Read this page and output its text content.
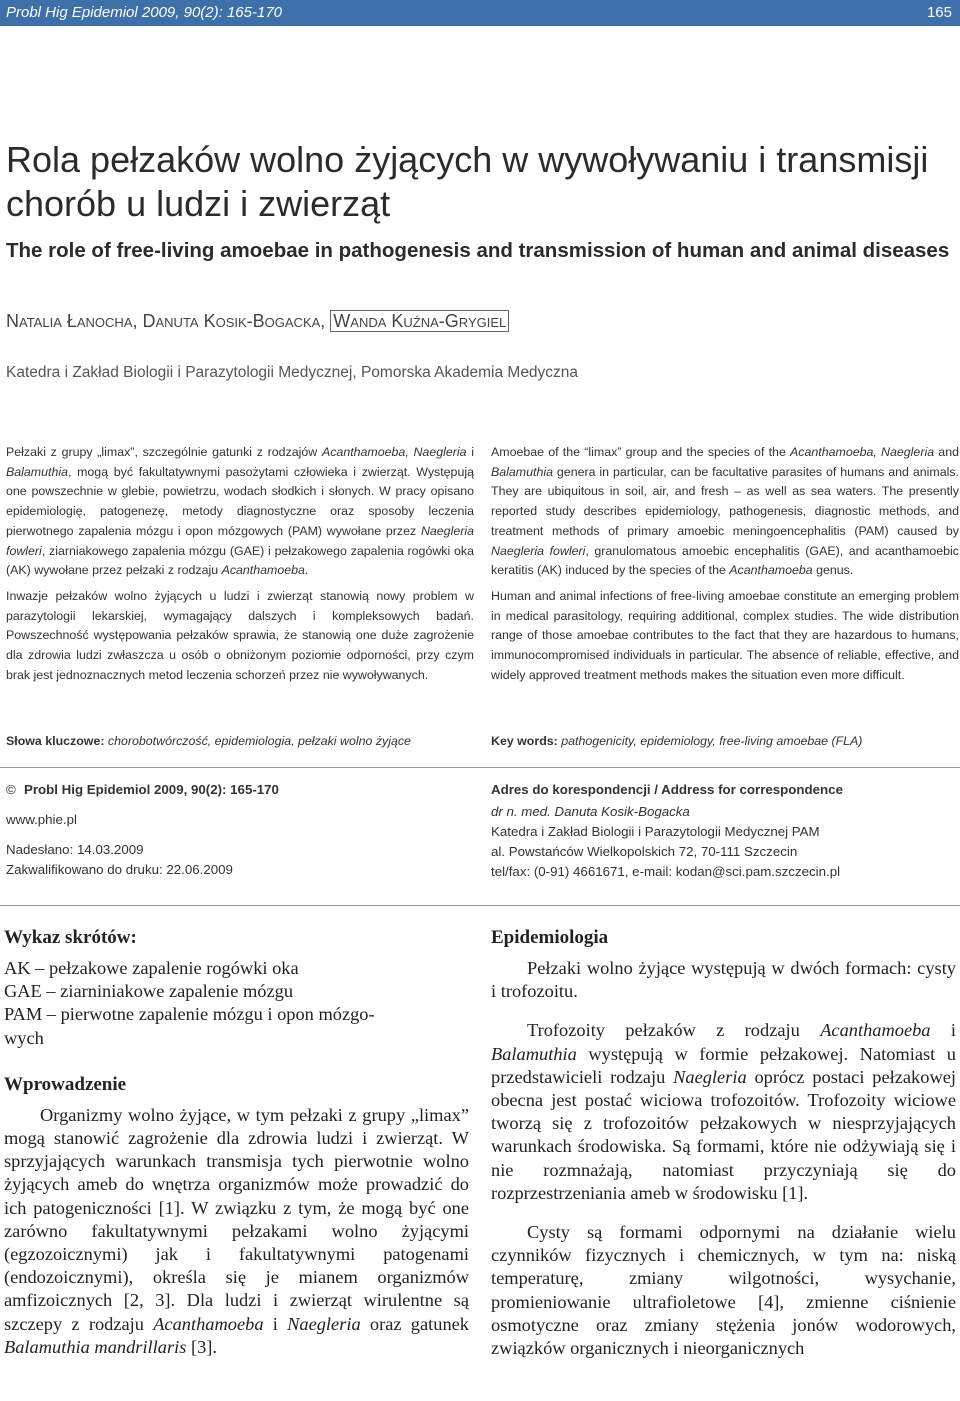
Probl Hig Epidemiol 2009, 90(2): 165-170	165
Rola pełzaków wolno żyjących w wywoływaniu i transmisji
chorób u ludzi i zwierząt
The role of free-living amoebae in pathogenesis and transmission of human and animal diseases
Natalia Łanocha, Danuta Kosik-Bogacka, Wanda Kuźna-Grygiel
Katedra i Zakład Biologii i Parazytologii Medycznej, Pomorska Akademia Medyczna

Pełzaki z grupy „limax”, szczególnie gatunki z rodzajów Acanthamoeba, Naegleria i Balamuthia, mogą być fakultatywnymi pasożytami człowieka i zwierząt. Występują one powszechnie w glebie, powietrzu, wodach słodkich i słonych. W pracy opisano epidemiologię, patogenezę, metody diagnostyczne oraz sposoby leczenia pierwotnego zapalenia mózgu i opon mózgowych (PAM) wywołane przez Naegleria fowleri, ziarniakowego zapalenia mózgu (GAE) i pełzakowego zapalenia rogówki oka (AK) wywołane przez pełzaki z rodzaju Acanthamoeba.

Inwazje pełzaków wolno żyjących u ludzi i zwierząt stanowią nowy problem w parazytologii lekarskiej, wymagający dalszych i kompleksowych badań. Powszechność występowania pełzaków sprawia, że stanowią one duże zagrożenie dla zdrowia ludzi zwłaszcza u osób o obniżonym poziomie odporności, przy czym brak jest jednoznacznych metod leczenia schorzeń przez nie wywoływanych.

Amoebae of the “limax” group and the species of the Acanthamoeba, Naegleria and Balamuthia genera in particular, can be facultative parasites of humans and animals. They are ubiquitous in soil, air, and fresh – as well as sea waters. The presently reported study describes epidemiology, pathogenesis, diagnostic methods, and treatment methods of primary amoebic meningoencephalitis (PAM) caused by Naegleria fowleri, granulomatous amoebic encephalitis (GAE), and acanthamoebic keratitis (AK) induced by the species of the Acanthamoeba genus.

Human and animal infections of free-living amoebae constitute an emerging problem in medical parasitology, requiring additional, complex studies. The wide distribution range of those amoebae contributes to the fact that they are hazardous to humans, immunocompromised individuals in particular. The absence of reliable, effective, and widely approved treatment methods makes the situation even more difficult.

Słowa kluczowe: chorobotwórczość, epidemiologia, pełzaki wolno żyjące	Key words: pathogenicity, epidemiology, free-living amoebae (FLA)
© Probl Hig Epidemiol 2009, 90(2): 165-170
www.phie.pl
Nadesłano: 14.03.2009
Zakwalifikowano do druku: 22.06.2009
Adres do korespondencji / Address for correspondence
dr n. med. Danuta Kosik-Bogacka
Katedra i Zakład Biologii i Parazytologii Medycznej PAM
al. Powstańców Wielkopolskich 72, 70-111 Szczecin
tel/fax: (0-91) 4661671, e-mail: kodan@sci.pam.szczecin.pl
Wykaz skrótów:
AK – pełzakowe zapalenie rogówki oka
GAE – ziarniniakowe zapalenie mózgu
PAM – pierwotne zapalenie mózgu i opon mózgo-
wych
Wprowadzenie

Organizmy wolno żyjące, w tym pełzaki z grupy „limax” mogą stanowić zagrożenie dla zdrowia ludzi i zwierząt. W sprzyjających warunkach transmisja tych pierwotnie wolno żyjących ameb do wnętrza organizmów może prowadzić do ich patogeniczności [1]. W związku z tym, że mogą być one zarówno fakultatywnymi pełzakami wolno żyjącymi (egzozoicznymi) jak i fakultatywnymi patogenami (endozoicznymi), określa się je mianem organizmów amfizoicznych [2, 3]. Dla ludzi i zwierząt wirulentne są szczepy z rodzaju Acanthamoeba i Naegleria oraz gatunek Balamuthia mandrillaris [3].

Epidemiologia

Pełzaki wolno żyjące występują w dwóch formach: cysty i trofozoitu.

Trofozoity pełzaków z rodzaju Acanthamoeba i Balamuthia występują w formie pełzakowej. Natomiast u przedstawicieli rodzaju Naegleria oprócz postaci pełzakowej obecna jest postać wiciowa trofozoitów. Trofozoity wiciowe tworzą się z trofozoitów pełzakowych w niesprzyjających warunkach środowiska. Są formami, które nie odżywiają się i nie rozmnażają, natomiast przyczyniają się do rozprzestrzeniania ameb w środowisku [1].

Cysty są formami odpornymi na działanie wielu czynników fizycznych i chemicznych, w tym na: niską temperaturę, zmiany wilgotności, wysychanie, promieniowanie ultrafioletowe [4], zmienne ciśnienie osmotyczne oraz zmiany stężenia jonów wodorowych, związków organicznych i nieorganicznych
